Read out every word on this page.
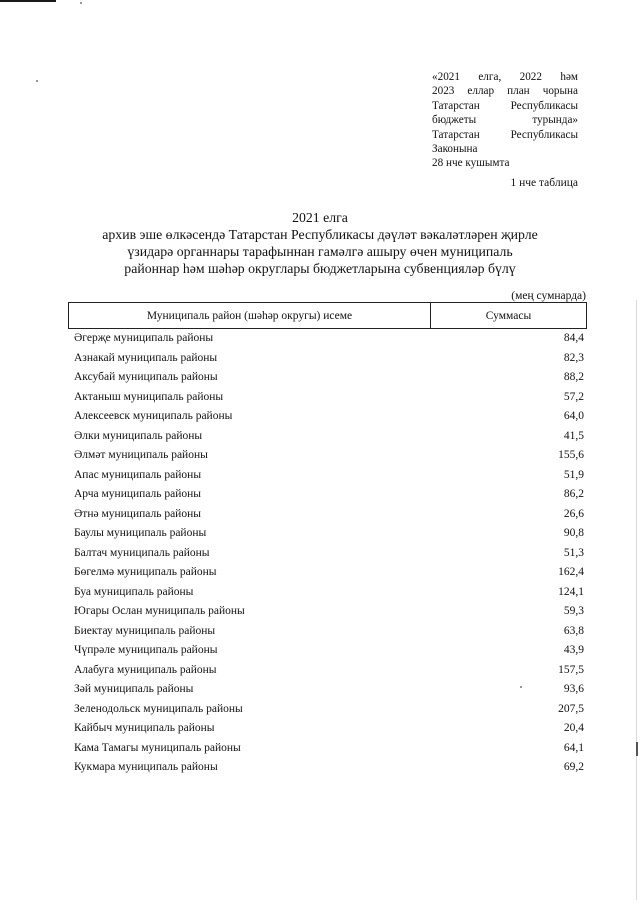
«2021 елга, 2022 һәм
2023 еллар план чорына
Татарстан Республикасы
бюджеты турында»
Татарстан Республикасы
Законына
28 нче кушымта
1 нче таблица
2021 елга
архив эше өлкәсендә Татарстан Республикасы дәүләт вәкаләтләрен җирле
үзидарә органнары тарафыннан гамәлгә ашыру өчен муниципаль
районнар һәм шәһәр округлары бюджетларына субвенцияләр бүлү
(мең сумнарда)
Муниципаль район (шәһәр округы) исеме	Суммасы
Әгерҗе муниципаль районы	84,4
Азнакай муниципаль районы	82,3
Аксубай муниципаль районы	88,2
Актаныш муниципаль районы	57,2
Алексеевск муниципаль районы	64,0
Әлки муниципаль районы	41,5
Әлмәт муниципаль районы	155,6
Апас муниципаль районы	51,9
Арча муниципаль районы	86,2
Әтнә муниципаль районы	26,6
Баулы муниципаль районы	90,8
Балтач муниципаль районы	51,3
Бөгелмә муниципаль районы	162,4
Буа муниципаль районы	124,1
Югары Ослан муниципаль районы	59,3
Биектау муниципаль районы	63,8
Чүпрәле муниципаль районы	43,9
Алабуга муниципаль районы	157,5
Зәй муниципаль районы	93,6
Зеленодольск муниципаль районы	207,5
Кайбыч муниципаль районы	20,4
Кама Тамагы муниципаль районы	64,1
Кукмара муниципаль районы	69,2
